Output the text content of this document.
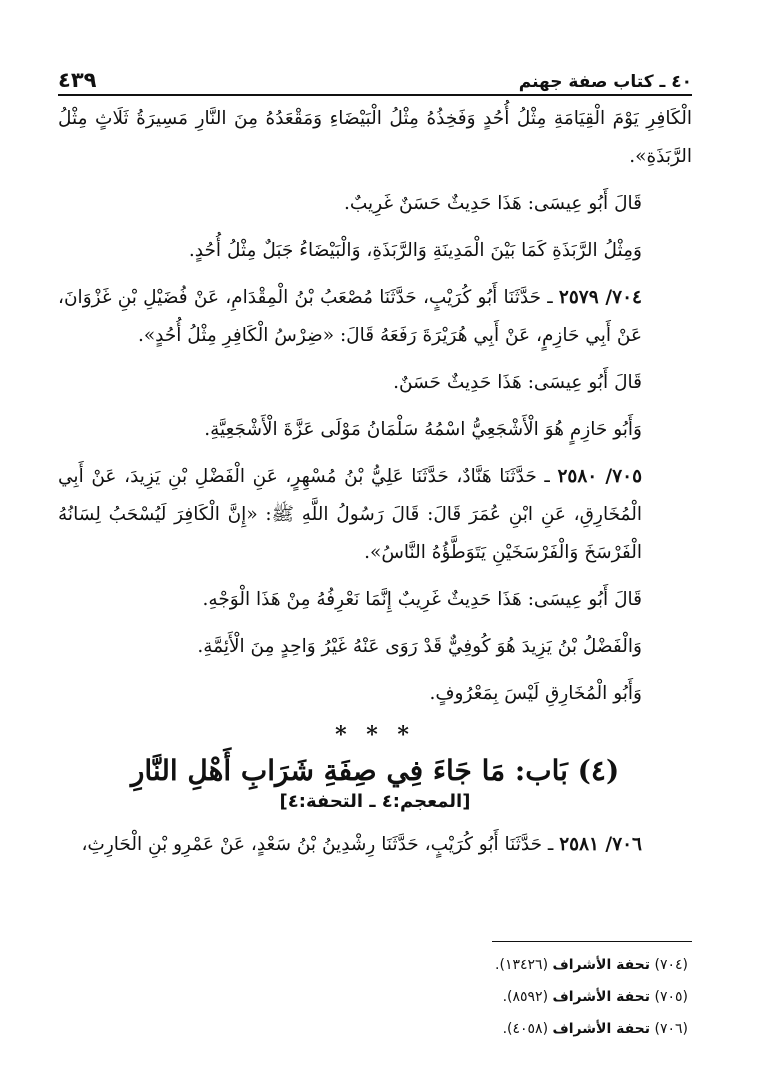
٤٠ ـ كتاب صفة جهنم
٤٣٩

الْكَافِرِ يَوْمَ الْقِيَامَةِ مِثْلُ أُحُدٍ وَفَخِذُهُ مِثْلُ الْبَيْضَاءِ وَمَقْعَدُهُ مِنَ النَّارِ مَسِيرَةُ ثَلَاثٍ مِثْلُ الرَّبَذَةِ».

قَالَ أَبُو عِيسَى: هَذَا حَدِيثٌ حَسَنٌ غَرِيبٌ.

وَمِثْلُ الرَّبَذَةِ كَمَا بَيْنَ الْمَدِينَةِ وَالرَّبَذَةِ، وَالْبَيْضَاءُ جَبَلٌ مِثْلُ أُحُدٍ.

٧٠٤/ ٢٥٧٩ ـ حَدَّثَنَا أَبُو كُرَيْبٍ، حَدَّثَنَا مُصْعَبُ بْنُ الْمِقْدَامِ، عَنْ فُضَيْلِ بْنِ غَزْوَانَ، عَنْ أَبِي حَازِمٍ، عَنْ أَبِي هُرَيْرَةَ رَفَعَهُ قَالَ: «ضِرْسُ الْكَافِرِ مِثْلُ أُحُدٍ».

قَالَ أَبُو عِيسَى: هَذَا حَدِيثٌ حَسَنٌ.

وَأَبُو حَازِمٍ هُوَ الْأَشْجَعِيُّ اسْمُهُ سَلْمَانُ مَوْلَى عَزَّةَ الْأَشْجَعِيَّةِ.

٧٠٥/ ٢٥٨٠ ـ حَدَّثَنَا هَنَّادٌ، حَدَّثَنَا عَلِيُّ بْنُ مُسْهِرٍ، عَنِ الْفَضْلِ بْنِ يَزِيدَ، عَنْ أَبِي الْمُخَارِقِ، عَنِ ابْنِ عُمَرَ قَالَ: قَالَ رَسُولُ اللَّهِ ﷺ: «إِنَّ الْكَافِرَ لَيُسْحَبُ لِسَانُهُ الْفَرْسَخَ وَالْفَرْسَخَيْنِ يَتَوَطَّؤُهُ النَّاسُ».

قَالَ أَبُو عِيسَى: هَذَا حَدِيثٌ غَرِيبٌ إِنَّمَا نَعْرِفُهُ مِنْ هَذَا الْوَجْهِ.

وَالْفَضْلُ بْنُ يَزِيدَ هُوَ كُوفِيٌّ قَدْ رَوَى عَنْهُ غَيْرُ وَاحِدٍ مِنَ الْأَئِمَّةِ.

وَأَبُو الْمُخَارِقِ لَيْسَ بِمَعْرُوفٍ.

* * *
(٤) بَاب: مَا جَاءَ فِي صِفَةِ شَرَابِ أَهْلِ النَّارِ
[المعجم:٤ ـ التحفة:٤]

٧٠٦/ ٢٥٨١ ـ حَدَّثَنَا أَبُو كُرَيْبٍ، حَدَّثَنَا رِشْدِينُ بْنُ سَعْدٍ، عَنْ عَمْرِو بْنِ الْحَارِثِ،

(٧٠٤) تحفة الأشراف (١٣٤٢٦).
(٧٠٥) تحفة الأشراف (٨٥٩٢).
(٧٠٦) تحفة الأشراف (٤٠٥٨).
